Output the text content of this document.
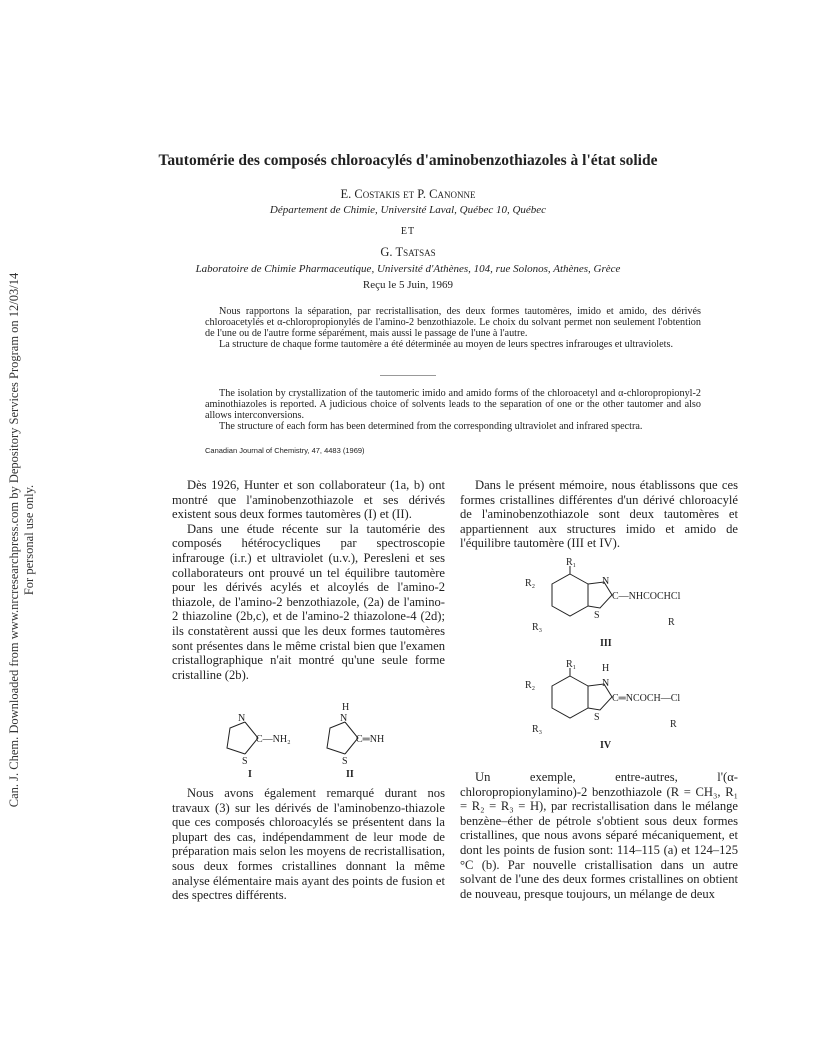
Can. J. Chem. Downloaded from www.nrcresearchpress.com by Depository Services Program on 12/03/14 For personal use only.
Tautomérie des composés chloroacylés d'aminobenzothiazoles à l'état solide
E. Costakis et P. Canonne
Département de Chimie, Université Laval, Québec 10, Québec
ET
G. Tsatsas
Laboratoire de Chimie Pharmaceutique, Université d'Athènes, 104, rue Solonos, Athènes, Grèce
Reçu le 5 Juin, 1969

Nous rapportons la séparation, par recristallisation, des deux formes tautomères, imido et amido, des dérivés chloroacetylés et α-chloropropionylés de l'amino-2 benzothiazole. Le choix du solvant permet non seulement l'obtention de l'une ou de l'autre forme séparément, mais aussi le passage de l'une à l'autre.

La structure de chaque forme tautomère a été déterminée au moyen de leurs spectres infrarouges et ultraviolets.

The isolation by crystallization of the tautomeric imido and amido forms of the chloroacetyl and α-chloropropionyl-2 aminothiazoles is reported. A judicious choice of solvents leads to the separation of one or the other tautomer and also allows interconversions.

The structure of each form has been determined from the corresponding ultraviolet and infrared spectra.

Canadian Journal of Chemistry, 47, 4483 (1969)

Dès 1926, Hunter et son collaborateur (1a, b) ont montré que l'aminobenzothiazole et ses dérivés existent sous deux formes tautomères (I) et (II).

Dans une étude récente sur la tautomérie des composés hétérocycliques par spectroscopie infrarouge (i.r.) et ultraviolet (u.v.), Peresleni et ses collaborateurs ont prouvé un tel équilibre tautomère pour les dérivés acylés et alcoylés de l'amino-2 thiazole, de l'amino-2 benzothiazole, (2a) de l'amino-2 thiazoline (2b,c), et de l'amino-2 thiazolone-4 (2d); ils constatèrent aussi que les deux formes tautomères sont présentes dans le même cristal bien que l'examen cristallographique n'ait montré qu'une seule forme cristalline (2b).

N
S
C—NH₂
I
H
N
S
C═NH
II

Nous avons également remarqué durant nos travaux (3) sur les dérivés de l'aminobenzo-thiazole que ces composés chloroacylés se présentent dans la plupart des cas, indépendamment de leur mode de préparation mais selon les moyens de recristallisation, sous deux formes cristallines donnant la même analyse élémentaire mais ayant des points de fusion et des spectres différents.

Dans le présent mémoire, nous établissons que ces formes cristallines différentes d'un dérivé chloroacylé de l'aminobenzothiazole sont deux tautomères et appartiennent aux structures imido et amido de l'équilibre tautomère (III et IV).

R₁
R₂
R₃
N
S
C—NHCOCHCl
R
III
R₁	H
R₂
R₃
N
S
C═NCOCH—Cl
R
IV

Un exemple, entre-autres, l'(α-chloropropionylamino)-2 benzothiazole (R = CH₃, R₁ = R₂ = R₃ = H), par recristallisation dans le mélange benzène–éther de pétrole s'obtient sous deux formes cristallines, que nous avons séparé mécaniquement, et dont les points de fusion sont: 114–115 (a) et 124–125 °C (b). Par nouvelle cristallisation dans un autre solvant de l'une des deux formes cristallines on obtient de nouveau, presque toujours, un mélange de deux
